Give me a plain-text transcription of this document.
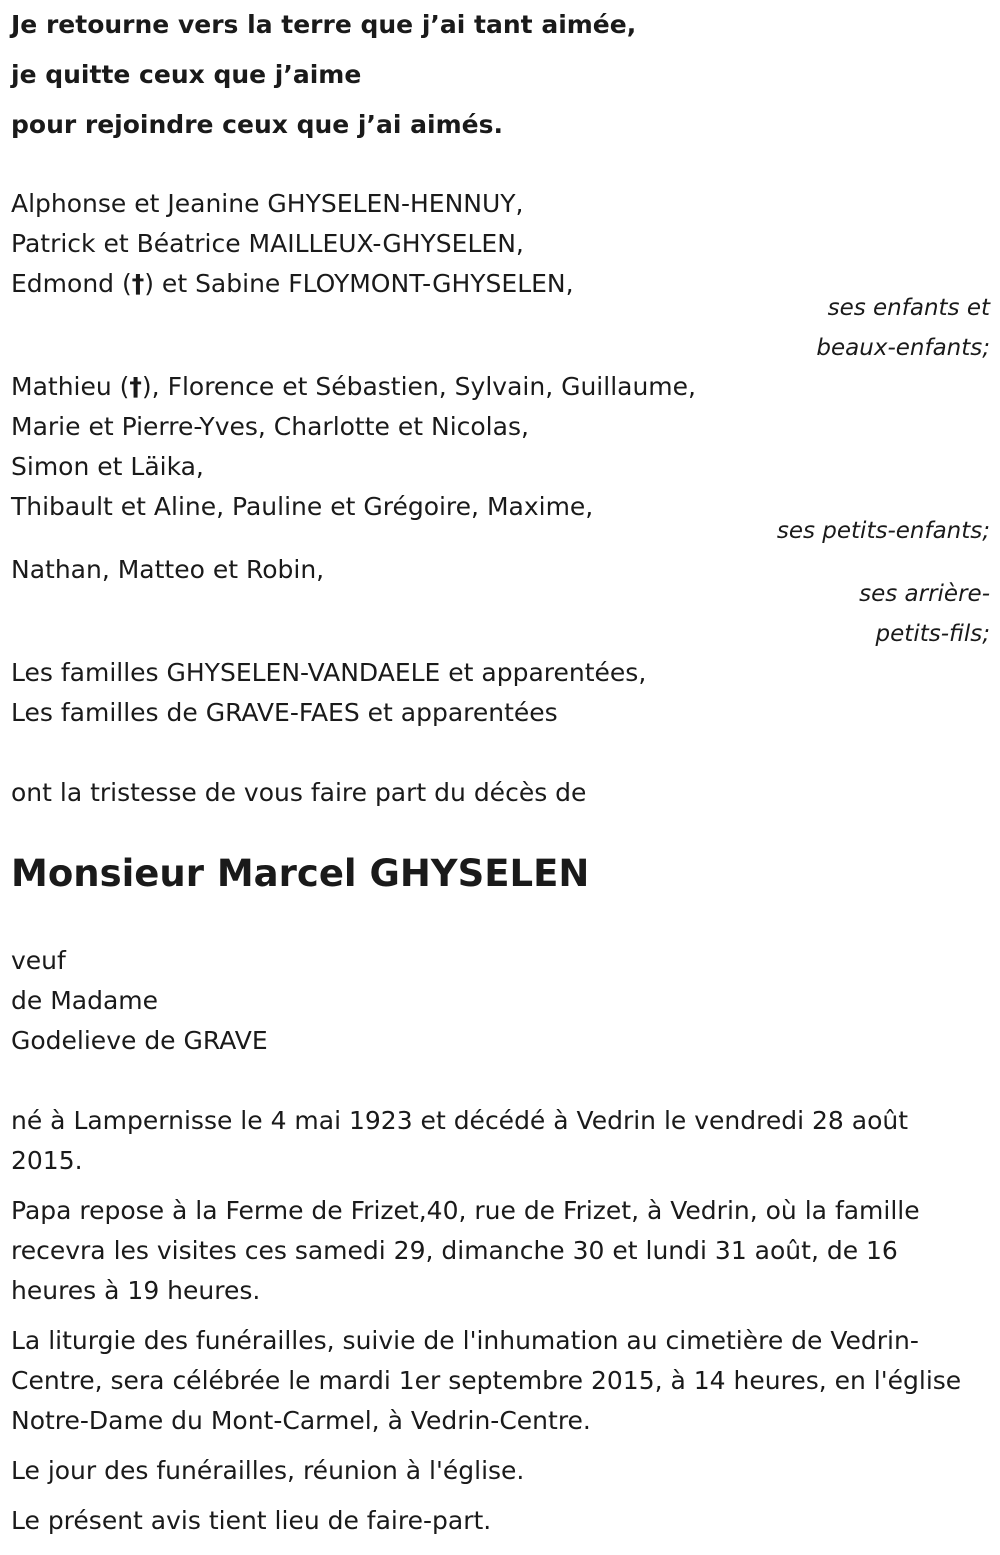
Je retourne vers la terre que j’ai tant aimée,
je quitte ceux que j’aime
pour rejoindre ceux que j’ai aimés.
Alphonse et Jeanine GHYSELEN-HENNUY,
Patrick et Béatrice MAILLEUX-GHYSELEN,
Edmond (†) et Sabine FLOYMONT-GHYSELEN,
ses enfants et
beaux-enfants;
Mathieu (†), Florence et Sébastien, Sylvain, Guillaume,
Marie et Pierre-Yves, Charlotte et Nicolas,
Simon et Läika,
Thibault et Aline, Pauline et Grégoire, Maxime,
ses petits-enfants;
Nathan, Matteo et Robin,
ses arrière-
petits-fils;
Les familles GHYSELEN-VANDAELE et apparentées,
Les familles de GRAVE-FAES et apparentées
ont la tristesse de vous faire part du décès de
Monsieur Marcel GHYSELEN
veuf
de Madame
Godelieve de GRAVE
né à Lampernisse le 4 mai 1923 et décédé à Vedrin le vendredi 28 août 2015.
Papa repose à la Ferme de Frizet,40, rue de Frizet, à Vedrin, où la famille recevra les visites ces samedi 29, dimanche 30 et lundi 31 août, de 16 heures à 19 heures.
La liturgie des funérailles, suivie de l'inhumation au cimetière de Vedrin-Centre, sera célébrée le mardi 1er septembre 2015, à 14 heures, en l'église Notre-Dame du Mont-Carmel, à Vedrin-Centre.
Le jour des funérailles, réunion à l'église.
Le présent avis tient lieu de faire-part.
